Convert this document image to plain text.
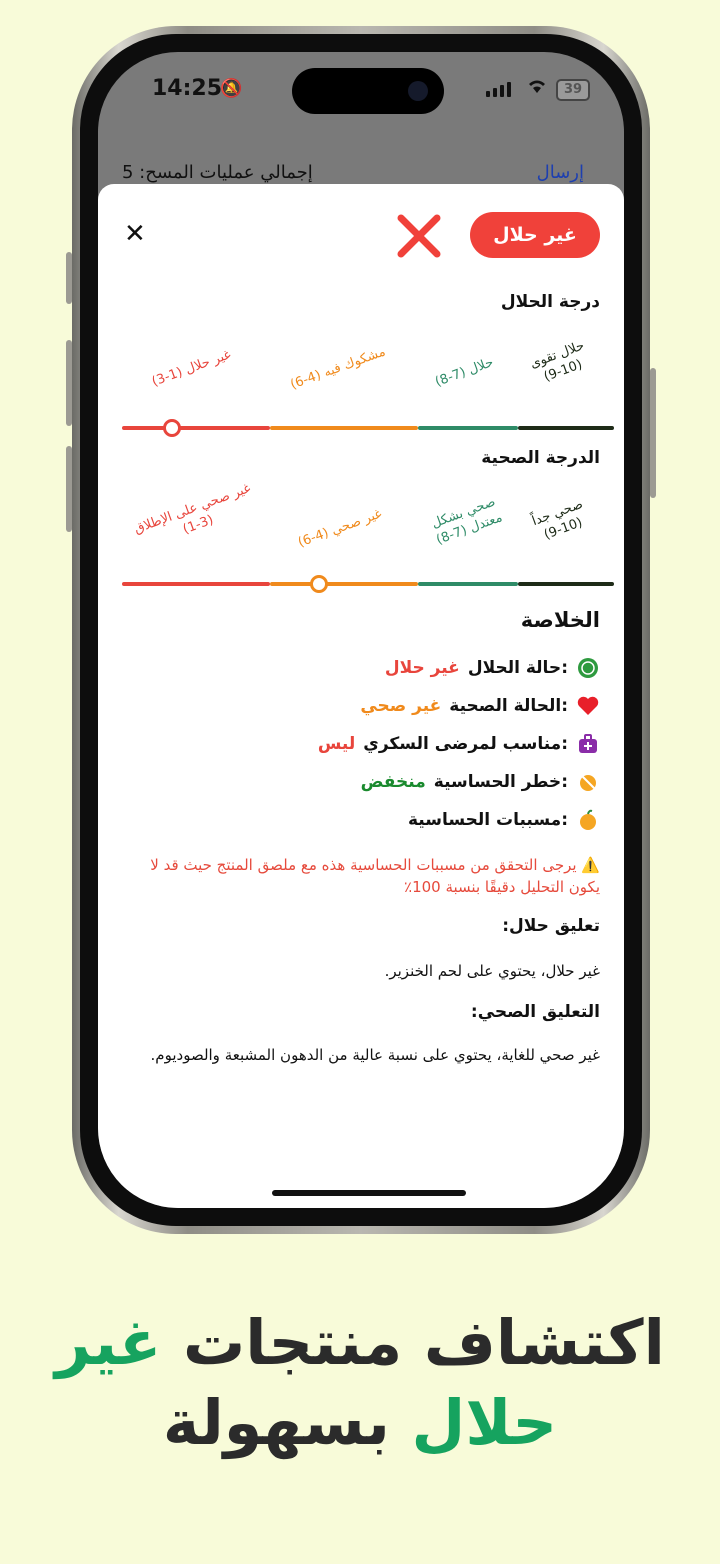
14:25
🔕	39
إجمالي عمليات المسح: 5	إرسال
غير حلال
✕
درجة الحلال
غير حلال (1-3)
مشكوك فيه (4-6)	حلال (7-8)	حلال تقوى
(9-10)
الدرجة الصحية
غير صحي على الإطلاق
(1-3)
غير صحي (4-6)	صحي بشكل
معتدل (7-8) صحي جداً
(9-10)
الخلاصة
حالة الحلال:
غير حلال
الحالة الصحية:
غير صحي
مناسب لمرضى السكري:
ليس
خطر الحساسية:
منخفض
مسببات الحساسية:
⚠️ يرجى التحقق من مسببات الحساسية هذه مع ملصق المنتج حيث قد لا يكون التحليل دقيقًا بنسبة 100٪
تعليق حلال:
غير حلال، يحتوي على لحم الخنزير.
التعليق الصحي:
غير صحي للغاية، يحتوي على نسبة عالية من الدهون المشبعة والصوديوم.
اكتشاف منتجات غير
حلال بسهولة
